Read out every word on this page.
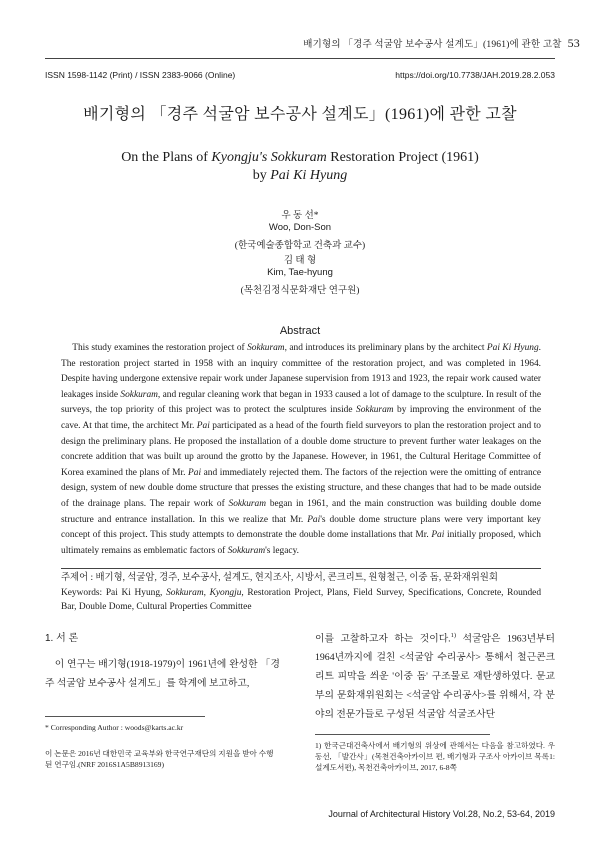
배기형의 「경주 석굴암 보수공사 설계도」(1961)에 관한 고찰 53
ISSN 1598-1142 (Print) / ISSN 2383-9066 (Online)	https://doi.org/10.7738/JAH.2019.28.2.053
배기형의 「경주 석굴암 보수공사 설계도」(1961)에 관한 고찰
On the Plans of Kyongju's Sokkuram Restoration Project (1961)
by Pai Ki Hyung
우 동 선*
Woo, Don-Son
(한국예술종합학교 건축과 교수)
김 태 형
Kim, Tae-hyung
(목천김정식문화재단 연구원)
Abstract

This study examines the restoration project of Sokkuram, and introduces its preliminary plans by the architect Pai Ki Hyung. The restoration project started in 1958 with an inquiry committee of the restoration project, and was completed in 1964. Despite having undergone extensive repair work under Japanese supervision from 1913 and 1923, the repair work caused water leakages inside Sokkuram, and regular cleaning work that began in 1933 caused a lot of damage to the sculpture. In result of the surveys, the top priority of this project was to protect the sculptures inside Sokkuram by improving the environment of the cave. At that time, the architect Mr. Pai participated as a head of the fourth field surveyors to plan the restoration project and to design the preliminary plans. He proposed the installation of a double dome structure to prevent further water leakages on the concrete addition that was built up around the grotto by the Japanese. However, in 1961, the Cultural Heritage Committee of Korea examined the plans of Mr. Pai and immediately rejected them. The factors of the rejection were the omitting of entrance design, system of new double dome structure that presses the existing structure, and these changes that had to be made outside of the drainage plans. The repair work of Sokkuram began in 1961, and the main construction was building double dome structure and entrance installation. In this we realize that Mr. Pai's double dome structure plans were very important key concept of this project. This study attempts to demonstrate the double dome installations that Mr. Pai initially proposed, which ultimately remains as emblematic factors of Sokkuram's legacy.

주제어 : 배기형, 석굴암, 경주, 보수공사, 설계도, 현지조사, 시방서, 콘크리트, 원형철근, 이중 돔, 문화재위원회
Keywords: Pai Ki Hyung, Sokkuram, Kyongju, Restoration Project, Plans, Field Survey, Specifications, Concrete, Rounded Bar, Double Dome, Cultural Properties Committee
1. 서 론

이 연구는 배기형(1918-1979)이 1961년에 완성한 「경주 석굴암 보수공사 설계도」를 학계에 보고하고,

이를 고찰하고자 하는 것이다.$^{1)}$ 석굴암은 1963년부터 1964년까지에 걸친 <석굴암 수리공사> 통해서 철근콘크리트 피막을 씌운 '이중 돔' 구조물로 재탄생하였다. 문교부의 문화재위원회는 <석굴암 수리공사>를 위해서, 각 분야의 전문가들로 구성된 석굴암 석굴조사단

* Corresponding Author : woods@karts.ac.kr
이 논문은 2016년 대한민국 교육부와 한국연구재단의 지원을 받아 수행된 연구임.(NRF 2016S1A5B8913169)
1) 한국근대건축사에서 배기형의 위상에 관해서는 다음을 참고하였다. 우동선, 「발간사」(목천건축아카이브 편, 배기형과 구조사 아카이브 목록1: 설계도서편), 목천건축아카이브, 2017, 6-8쪽
Journal of Architectural History Vol.28, No.2, 53-64, 2019
